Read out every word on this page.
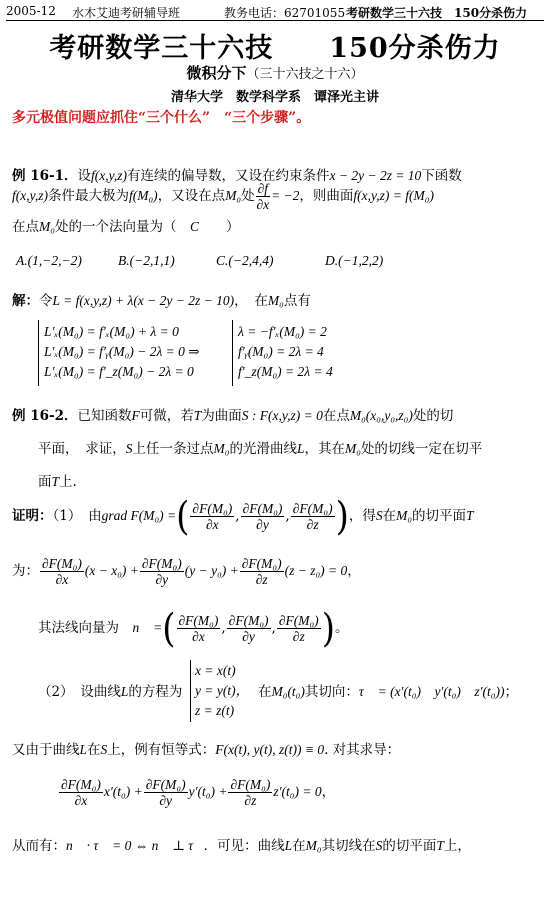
2005-12 水木艾迪考研辅导班	教务电话：62701055 考研数学三十六技　150分杀伤力
考研数学三十六技　　150分杀伤力
微积分下（三十六技之十六）
清华大学　数学科学系　谭泽光主讲
多元极值问题应抓住“三个什么”　“三个步骤”。
例 16-1．设f(x,y,z)有连续的偏导数，又设在约束条件x − 2y − 2z = 10下函数
f(x,y,z)条件最大极为f(M₀)，又设在点M₀处 $\frac{\partial f}{\partial x} = -2$，则曲面f(x,y,z) = f(M₀)
在点M₀处的一个法向量为（　 C　　 ）
A.(1,−2,−2)	B.(−2,1,1)	C.(−2,4,4)	D.(−1,2,2)
解：令L = f(x,y,z) + λ(x − 2y − 2z − 10)，　在M₀点有
L′ₓ(M₀) = f′ₓ(M₀) + λ = 0
L′ₓ(M₀) = f′ᵧ(M₀) − 2λ = 0 ⇒
L′ₓ(M₀) = f′_z(M₀) − 2λ = 0
λ = −f′ₓ(M₀) = 2
f′ᵧ(M₀) = 2λ = 4
f′_z(M₀) = 2λ = 4
例 16-2．已知函数F可微，若T为曲面S : F(x,y,z) = 0在点M₀(x₀,y₀,z₀)处的切
平面，　求证，S上任一条过点M₀的光滑曲线L，其在M₀处的切线一定在切平
面T上.
证明：（1）　由grad F(M₀) =( $\frac{\text{∂F(M₀)}}{\partial x}$ , $\frac{\text{∂F(M₀)}}{\partial y}$ , $\frac{\text{∂F(M₀)}}{\partial z}$ )，得S在M₀的切平面T
为： $\frac{\text{∂F(M₀)}}{\partial x} (x - x_0) + \frac{\text{∂F(M₀)}}{\partial y} (y - y_0) + \frac{\text{∂F(M₀)}}{\partial z} (z - z_0) = 0$，
其法线向量为　 n⃗ =( $\frac{\text{∂F(M₀)}}{\partial x}$ , $\frac{\text{∂F(M₀)}}{\partial y}$ , $\frac{\text{∂F(M₀)}}{\partial z}$ )。
（2）　设曲线L的方程为
x = x(t)
y = y(t)，
z = z(t)
在M₀(t₀)其切向：τ⃗ = (x′(t₀)　y′(t₀)　z′(t₀))；
又由于曲线L在S上，例有恒等式：F(x(t), y(t), z(t)) ≡ 0. 对其求导：
$\frac{\text{∂F(M₀)}}{\partial x} x'(t_0) + \frac{\text{∂F(M₀)}}{\partial y} y'(t_0) + \frac{\text{∂F(M₀)}}{\partial z} z'(t_0) = 0$，
从而有：n⃗ · τ⃗ = 0 ⇔ n⃗ ⊥ τ⃗．可见：曲线L在M₀其切线在S的切平面T上，
